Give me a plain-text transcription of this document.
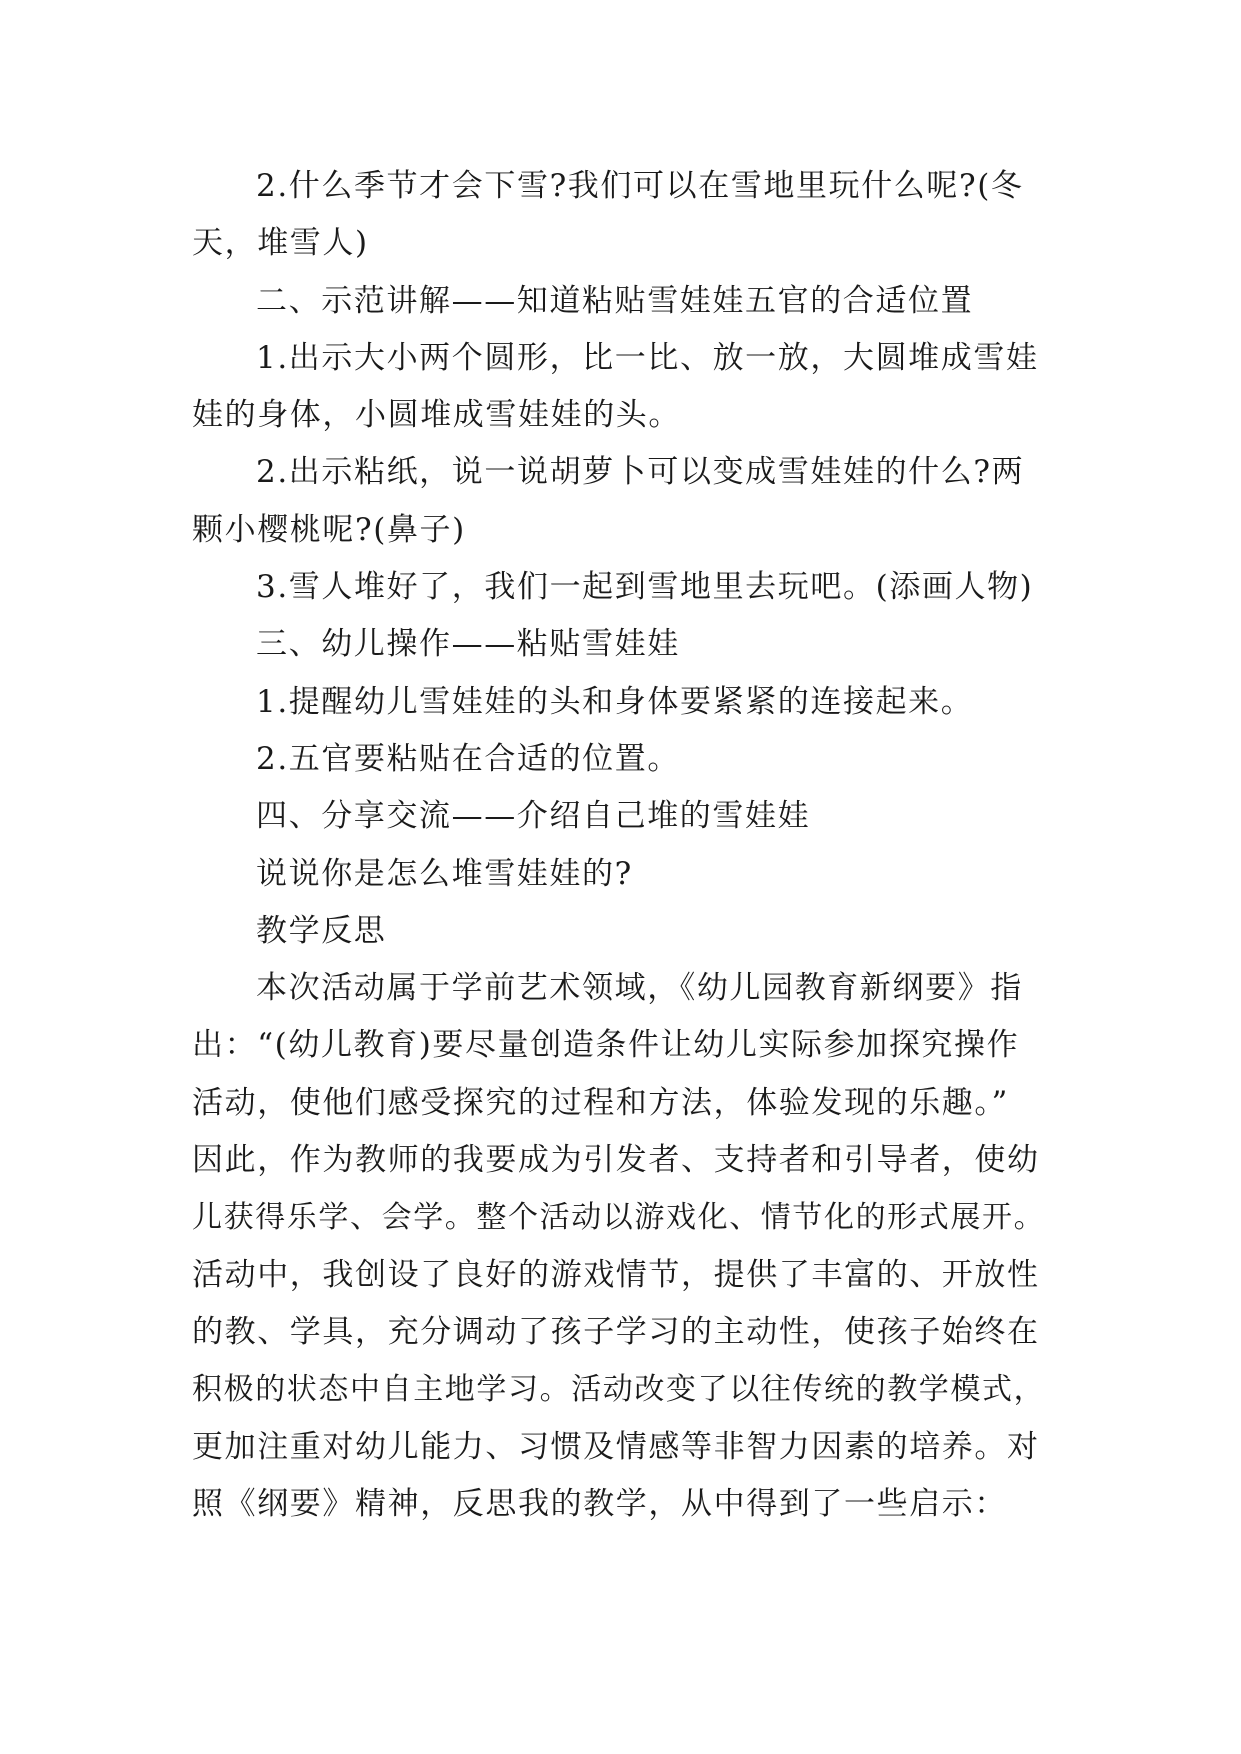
2.什么季节才会下雪?我们可以在雪地里玩什么呢?(冬
天，堆雪人)
二、示范讲解——知道粘贴雪娃娃五官的合适位置
1.出示大小两个圆形，比一比、放一放，大圆堆成雪娃
娃的身体，小圆堆成雪娃娃的头。
2.出示粘纸，说一说胡萝卜可以变成雪娃娃的什么?两
颗小樱桃呢?(鼻子)
3.雪人堆好了，我们一起到雪地里去玩吧。(添画人物)
三、幼儿操作——粘贴雪娃娃
1.提醒幼儿雪娃娃的头和身体要紧紧的连接起来。
2.五官要粘贴在合适的位置。
四、分享交流——介绍自己堆的雪娃娃
说说你是怎么堆雪娃娃的?
教学反思
本次活动属于学前艺术领域，《幼儿园教育新纲要》指
出：“(幼儿教育)要尽量创造条件让幼儿实际参加探究操作
活动，使他们感受探究的过程和方法，体验发现的乐趣。”
因此，作为教师的我要成为引发者、支持者和引导者，使幼
儿获得乐学、会学。整个活动以游戏化、情节化的形式展开。
活动中，我创设了良好的游戏情节，提供了丰富的、开放性
的教、学具，充分调动了孩子学习的主动性，使孩子始终在
积极的状态中自主地学习。活动改变了以往传统的教学模式，
更加注重对幼儿能力、习惯及情感等非智力因素的培养。对
照《纲要》精神，反思我的教学，从中得到了一些启示：
